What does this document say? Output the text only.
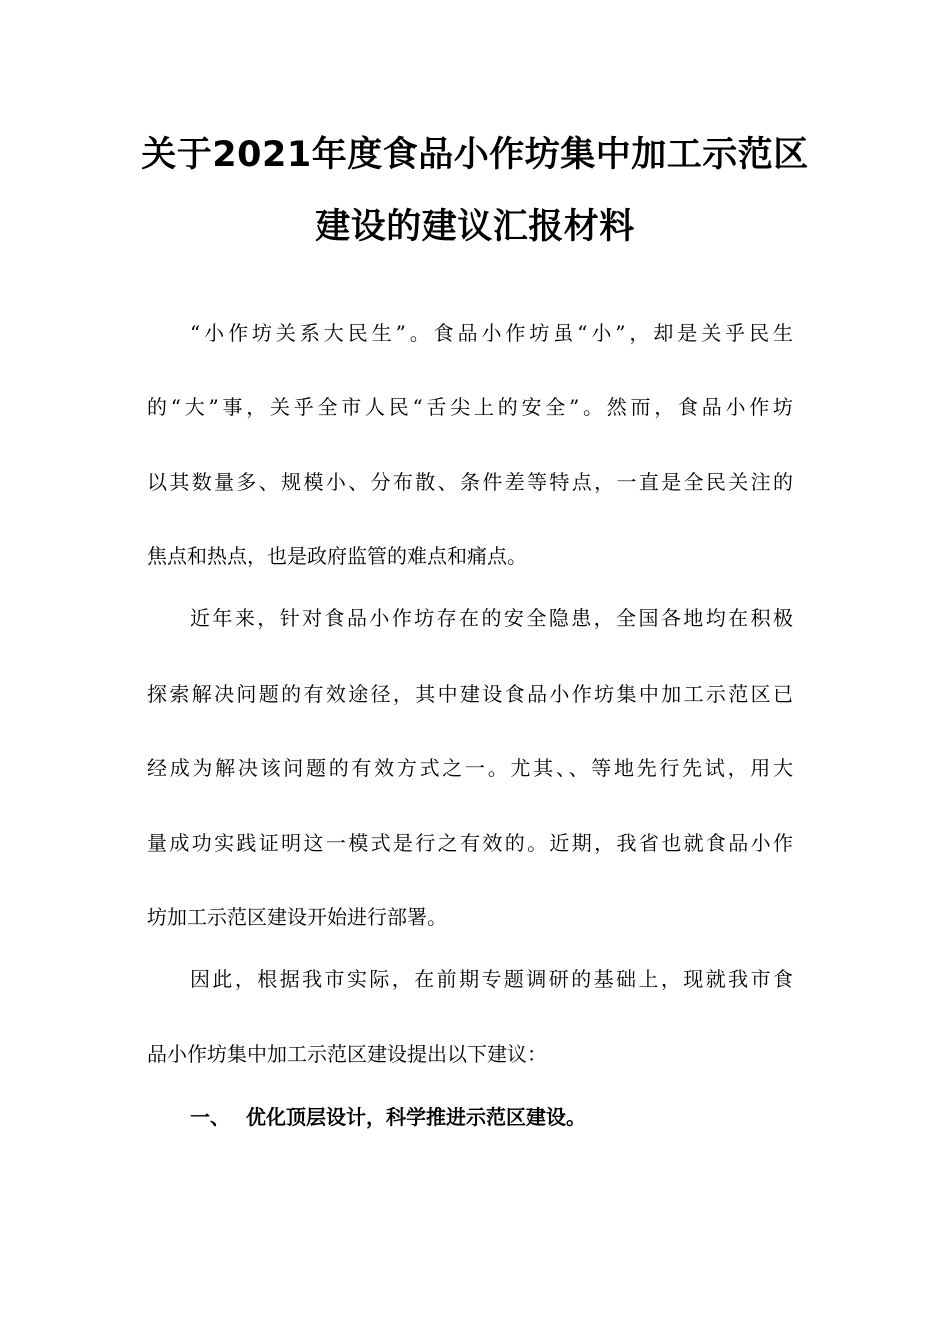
关于2021年度食品小作坊集中加工示范区
建设的建议汇报材料
“小作坊关系大民生”。食品小作坊虽“小”，却是关乎民生
的“大”事，关乎全市人民“舌尖上的安全”。然而，食品小作坊
以其数量多、规模小、分布散、条件差等特点，一直是全民关注的
焦点和热点，也是政府监管的难点和痛点。
近年来，针对食品小作坊存在的安全隐患，全国各地均在积极
探索解决问题的有效途径，其中建设食品小作坊集中加工示范区已
经成为解决该问题的有效方式之一。尤其、、等地先行先试，用大
量成功实践证明这一模式是行之有效的。近期，我省也就食品小作
坊加工示范区建设开始进行部署。
因此，根据我市实际，在前期专题调研的基础上，现就我市食
品小作坊集中加工示范区建设提出以下建议：
一、 优化顶层设计，科学推进示范区建设。
